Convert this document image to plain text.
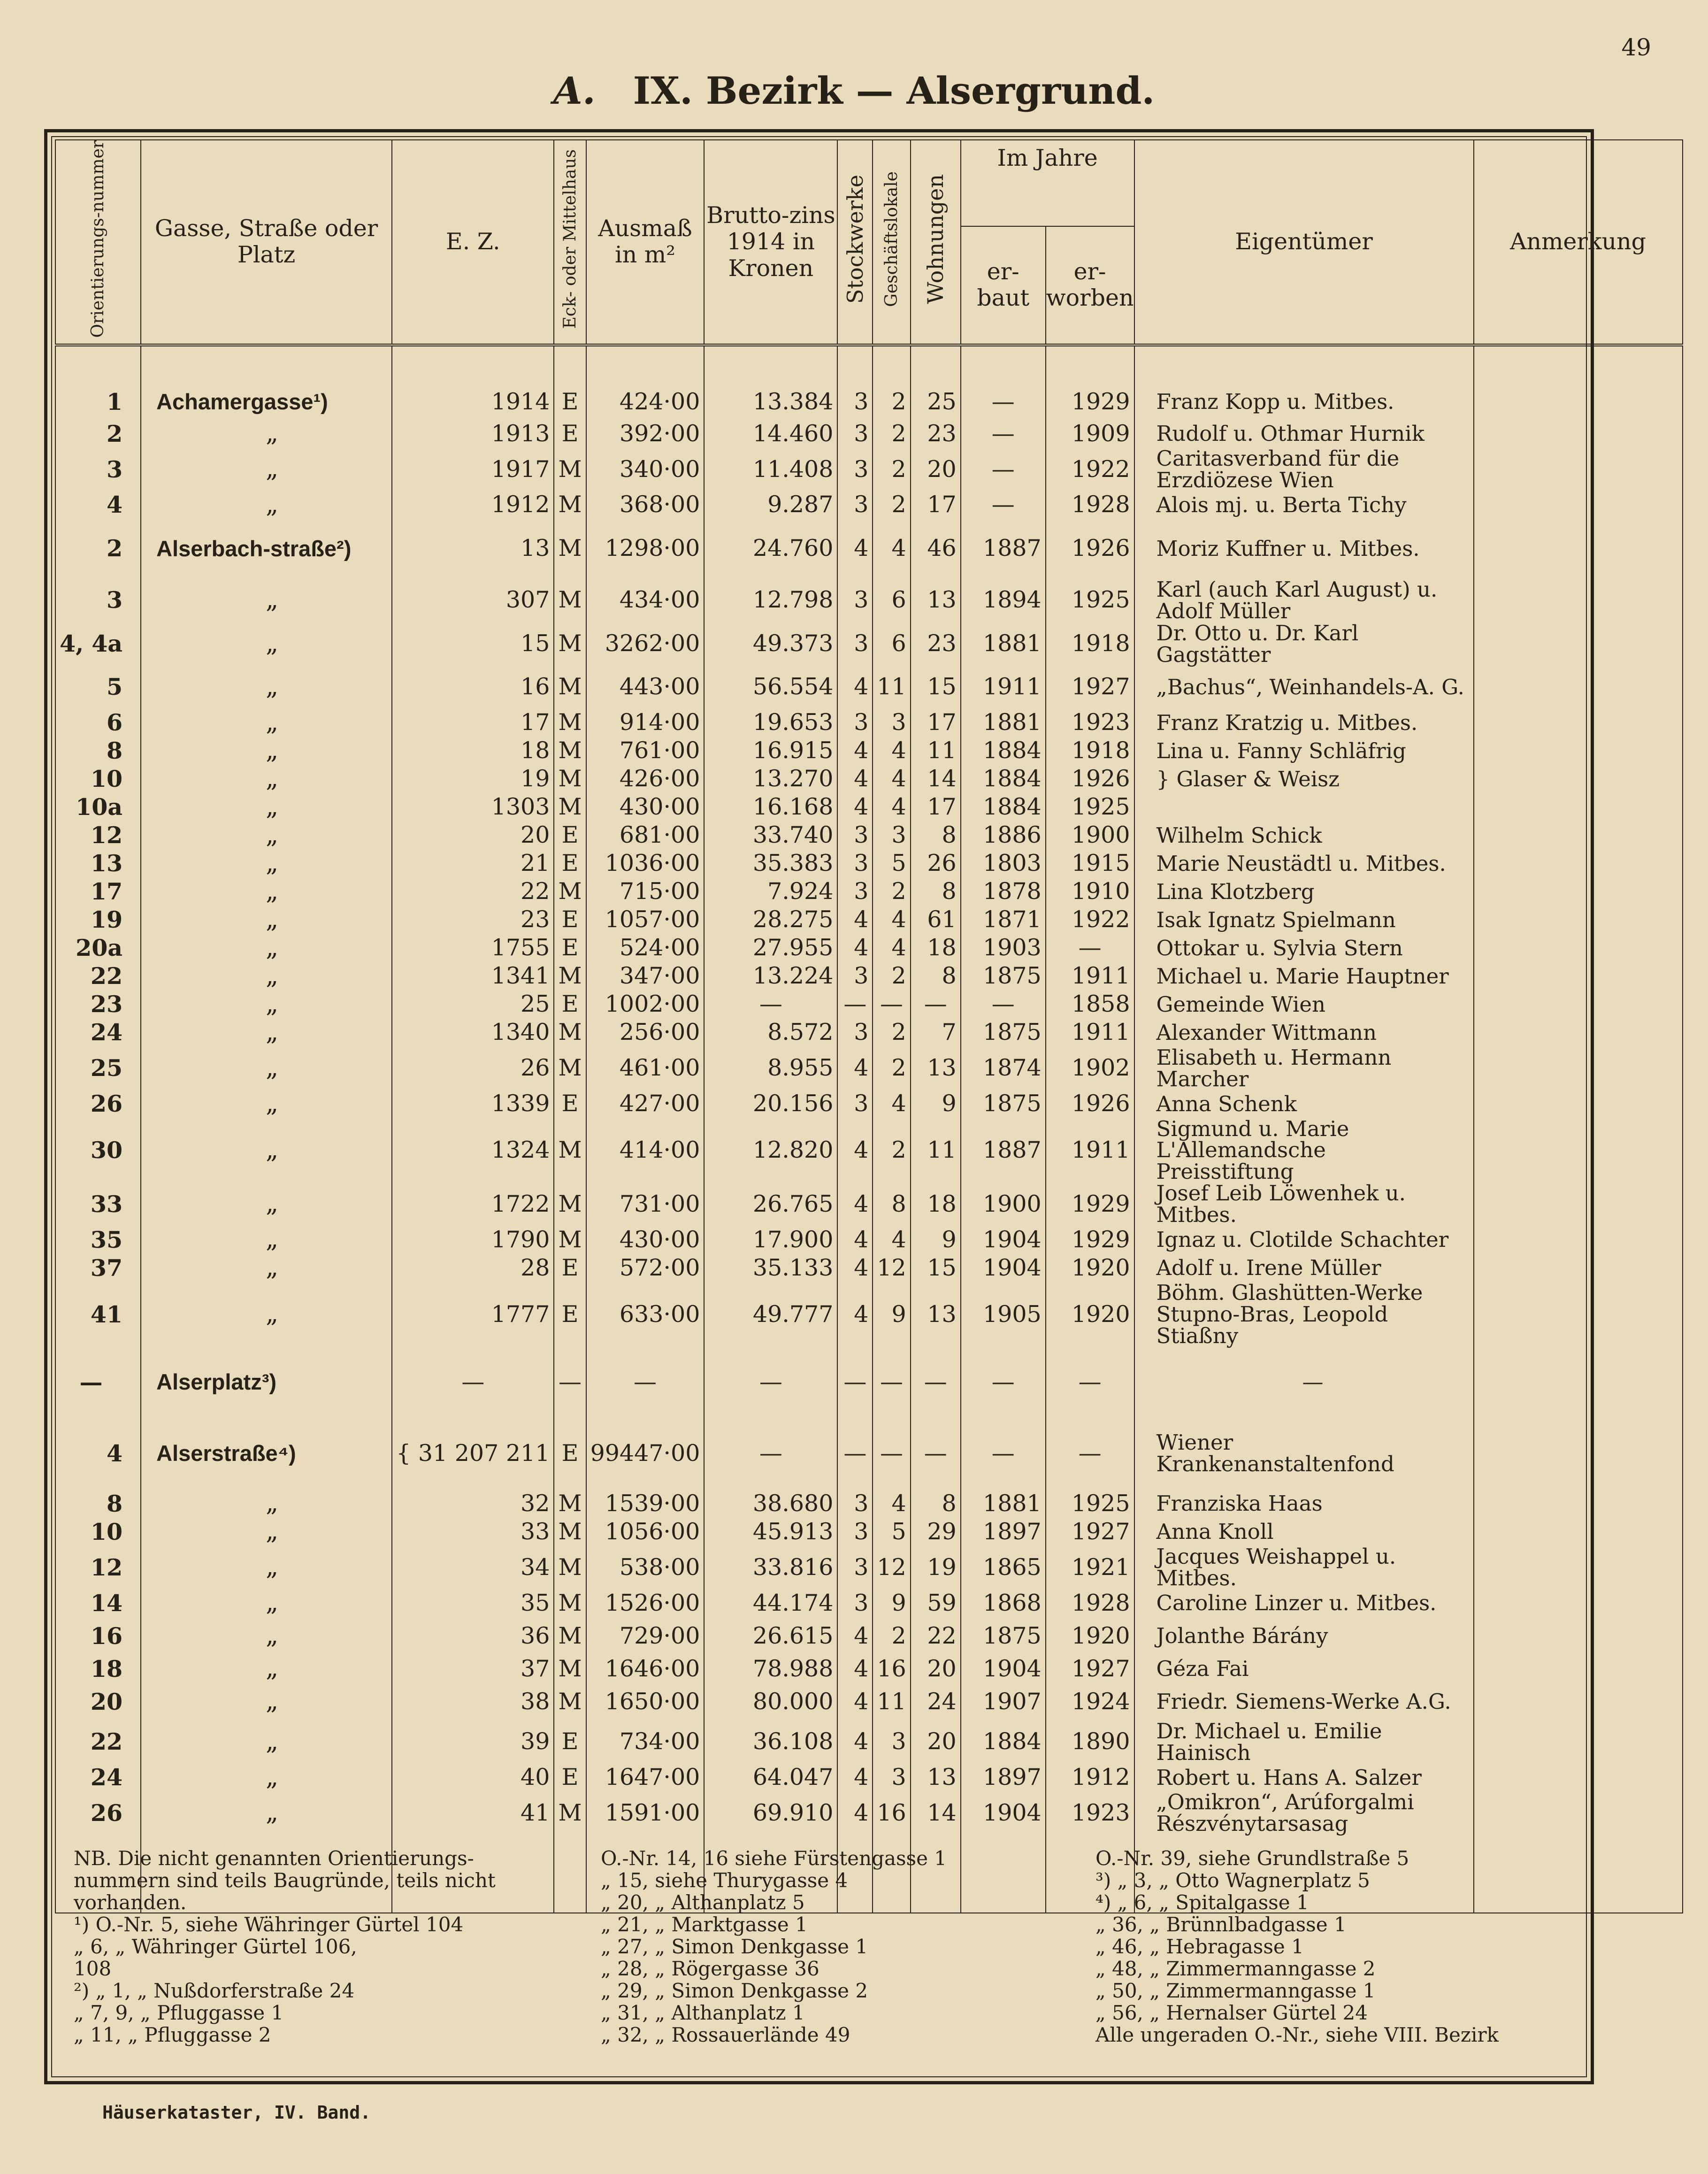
49
A. IX. Bezirk — Alsergrund.
Orientierungs-nummer	Gasse, Straße oder Platz	E. Z.	Eck- oder Mittelhaus	Ausmaß in m²	Brutto-zins 1914 in Kronen	Stockwerke	Geschäftslokale	Wohnungen	Im Jahre		Eigentümer	Anmerkung
									er-baut	er-worben		

1	Achamergasse¹)	1914	E	424·00	13.384	3	2	25	—	1929	Franz Kopp u. Mitbes.	
2	„	1913	E	392·00	14.460	3	2	23	—	1909	Rudolf u. Othmar Hurnik	
3	„	1917	M	340·00	11.408	3	2	20	—	1922	Caritasverband für die Erzdiözese Wien	
4	„	1912	M	368·00	9.287	3	2	17	—	1928	Alois mj. u. Berta Tichy	
2	Alserbach-straße²)	13	M	1298·00	24.760	4	4	46	1887	1926	Moriz Kuffner u. Mitbes.	
3	„	307	M	434·00	12.798	3	6	13	1894	1925	Karl (auch Karl August) u. Adolf Müller	
4, 4a	„	15	M	3262·00	49.373	3	6	23	1881	1918	Dr. Otto u. Dr. Karl Gagstätter	
5	„	16	M	443·00	56.554	4	11	15	1911	1927	„Bachus“, Weinhandels-A. G.	
6	„	17	M	914·00	19.653	3	3	17	1881	1923	Franz Kratzig u. Mitbes.	
8	„	18	M	761·00	16.915	4	4	11	1884	1918	Lina u. Fanny Schläfrig	
10	„	19	M	426·00	13.270	4	4	14	1884	1926	} Glaser & Weisz	
10a	„	1303	M	430·00	16.168	4	4	17	1884	1925		
12	„	20	E	681·00	33.740	3	3	8	1886	1900	Wilhelm Schick	
13	„	21	E	1036·00	35.383	3	5	26	1803	1915	Marie Neustädtl u. Mitbes.	
17	„	22	M	715·00	7.924	3	2	8	1878	1910	Lina Klotzberg	
19	„	23	E	1057·00	28.275	4	4	61	1871	1922	Isak Ignatz Spielmann	
20a	„	1755	E	524·00	27.955	4	4	18	1903	—	Ottokar u. Sylvia Stern	
22	„	1341	M	347·00	13.224	3	2	8	1875	1911	Michael u. Marie Hauptner	
23	„	25	E	1002·00	—	—	—	—	—	1858	Gemeinde Wien	
24	„	1340	M	256·00	8.572	3	2	7	1875	1911	Alexander Wittmann	
25	„	26	M	461·00	8.955	4	2	13	1874	1902	Elisabeth u. Hermann Marcher	
26	„	1339	E	427·00	20.156	3	4	9	1875	1926	Anna Schenk	
30	„	1324	M	414·00	12.820	4	2	11	1887	1911	Sigmund u. Marie L'Allemandsche Preisstiftung	
33	„	1722	M	731·00	26.765	4	8	18	1900	1929	Josef Leib Löwenhek u. Mitbes.	
35	„	1790	M	430·00	17.900	4	4	9	1904	1929	Ignaz u. Clotilde Schachter	
37	„	28	E	572·00	35.133	4	12	15	1904	1920	Adolf u. Irene Müller	
41	„	1777	E	633·00	49.777	4	9	13	1905	1920	Böhm. Glashütten-Werke Stupno-Bras, Leopold Stiaßny	
—	Alserplatz³)	—	—	—	—	—	—	—	—	—	—	
4	Alserstraße⁴)	{ 31 207 211	E	99447·00	—	—	—	—	—	—	Wiener Krankenanstaltenfond	
8	„	32	M	1539·00	38.680	3	4	8	1881	1925	Franziska Haas	
10	„	33	M	1056·00	45.913	3	5	29	1897	1927	Anna Knoll	
12	„	34	M	538·00	33.816	3	12	19	1865	1921	Jacques Weishappel u. Mitbes.	
14	„	35	M	1526·00	44.174	3	9	59	1868	1928	Caroline Linzer u. Mitbes.	
16	„	36	M	729·00	26.615	4	2	22	1875	1920	Jolanthe Bárány	
18	„	37	M	1646·00	78.988	4	16	20	1904	1927	Géza Fai	
20	„	38	M	1650·00	80.000	4	11	24	1907	1924	Friedr. Siemens-Werke A.G.	
22	„	39	E	734·00	36.108	4	3	20	1884	1890	Dr. Michael u. Emilie Hainisch	
24	„	40	E	1647·00	64.047	4	3	13	1897	1912	Robert u. Hans A. Salzer	
26	„	41	M	1591·00	69.910	4	16	14	1904	1923	„Omikron“, Arúforgalmi Részvénytarsasag	

NB. Die nicht genannten Orientierungs-
nummern sind teils Baugründe, teils nicht
vorhanden.
¹) O.-Nr. 5, siehe Währinger Gürtel 104
„ 6, „ Währinger Gürtel 106,
108
²) „ 1, „ Nußdorferstraße 24
„ 7, 9, „ Pfluggasse 1
„ 11, „ Pfluggasse 2
O.-Nr. 14, 16 siehe Fürstengasse 1
„ 15, siehe Thurygasse 4
„ 20, „ Althanplatz 5
„ 21, „ Marktgasse 1
„ 27, „ Simon Denkgasse 1
„ 28, „ Rögergasse 36
„ 29, „ Simon Denkgasse 2
„ 31, „ Althanplatz 1
„ 32, „ Rossauerlände 49
O.-Nr. 39, siehe Grundlstraße 5
³) „ 3, „ Otto Wagnerplatz 5
⁴) „ 6, „ Spitalgasse 1
„ 36, „ Brünnlbadgasse 1
„ 46, „ Hebragasse 1
„ 48, „ Zimmermanngasse 2
„ 50, „ Zimmermanngasse 1
„ 56, „ Hernalser Gürtel 24
Alle ungeraden O.-Nr., siehe VIII. Bezirk
Häuserkataster, IV. Band.
